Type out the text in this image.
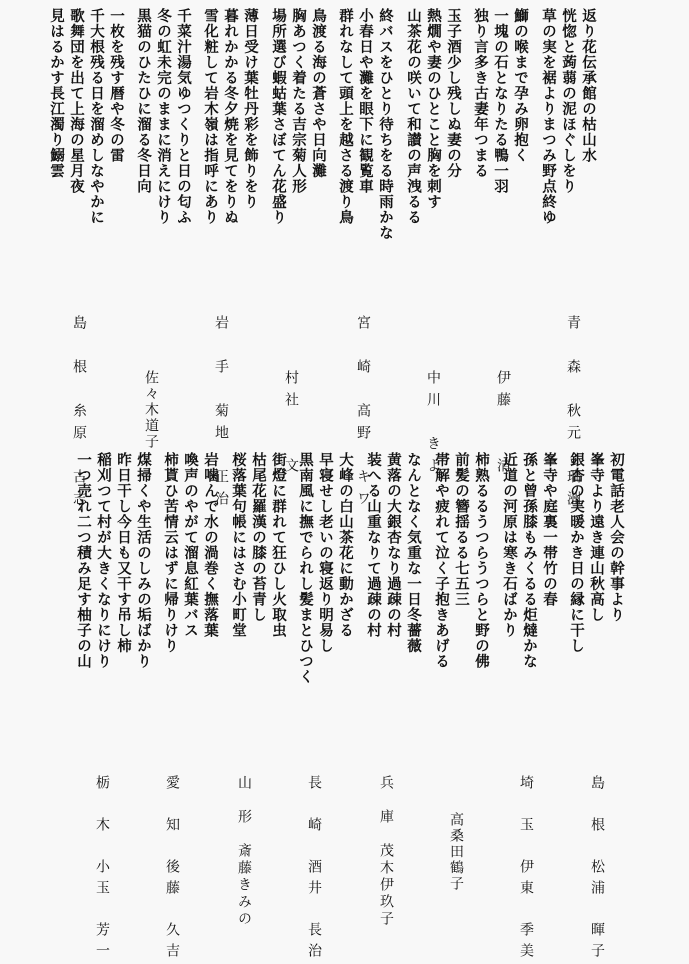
見はるかす長江濁り鰯雲 歌舞団を出て上海の星月夜 千大根残る日を溜めしなやかに 一枚を残す暦や冬の雷 黒猫のひたひに溜る冬日向 冬の虹未完のままに消えにけり 千菜汁湯気ゆつくりと日の匂ふ 雪化粧して岩木嶺は指呼にあり 暮れかかる冬夕焼を見てをりぬ 薄日受け葉牡丹彩を飾りをり 場所選び蝦蛄葉さぼてん花盛り 胸あつく着たる吉宗菊人形 鳥渡る海の蒼さや日向灘 群れなして頭上を越さる渡り鳥 小春日や灘を眼下に観覧車 終バスをひとり待ちをる時雨かな 山茶花の咲いて和讃の声洩るる 熱燗や妻のひとこと胸を刺す 玉子酒少し残しぬ妻の分 独り言多き古妻年つまる 一塊の石となりたる鴨一羽 鰤の喉まで孕み卵抱く 草の実を裾よりまつみ野点終ゆ 恍惚と蒟蒻の泥ほぐしをり 返り花伝承館の枯山水
青　森　秋元　瑞洲
伊藤　　清
中川　きよ
宮　崎　高野　キワ
村社　　文
岩　手　菊地　正治
佐々木道子
島　根　糸原　古志
初電話老人会の幹事より
峯寺より遠き連山秋高し
銀杏の実暖かき日の縁に干し
峯寺や庭裏一帯竹の春
孫と曾孫膝もみくるる炬燵かな
近道の河原は寒き石ばかり
柿熟るるうつらうつらと野の佛
前髪の簪揺るる七五三
帯解や疲れて泣く子抱きあげる
なんとなく気重な一日冬薔薇
黄落の大銀杏なり過疎の村
装へる山重なりて過疎の村
大峰の白山茶花に動かざる
早寝せし老いの寝返り明易し
黒南風に撫でられし髪まとひつく
街燈に群れて狂ひし火取虫
枯尾花羅漢の膝の苔青し
桜落葉句帳にはさむ小町堂
岩噛んで水の渦巻く撫落葉
喚声のやがて溜息紅葉バス
柿貰ひ苦情云はずに帰りけり
煤掃くや生活のしみの垢ばかり
昨日干し今日も又干す吊し柿
稲刈つて村が大きくなりにけり
一つ売れ二つ積み足す柚子の山
島　根　松浦　暉子
埼　玉　伊東　季美
高桑田鶴子
兵　庫　茂木伊玖子
長　崎　酒井　長治
山　形　斎藤きみの
愛　知　後藤　久吉
栃　木　小玉　芳一
